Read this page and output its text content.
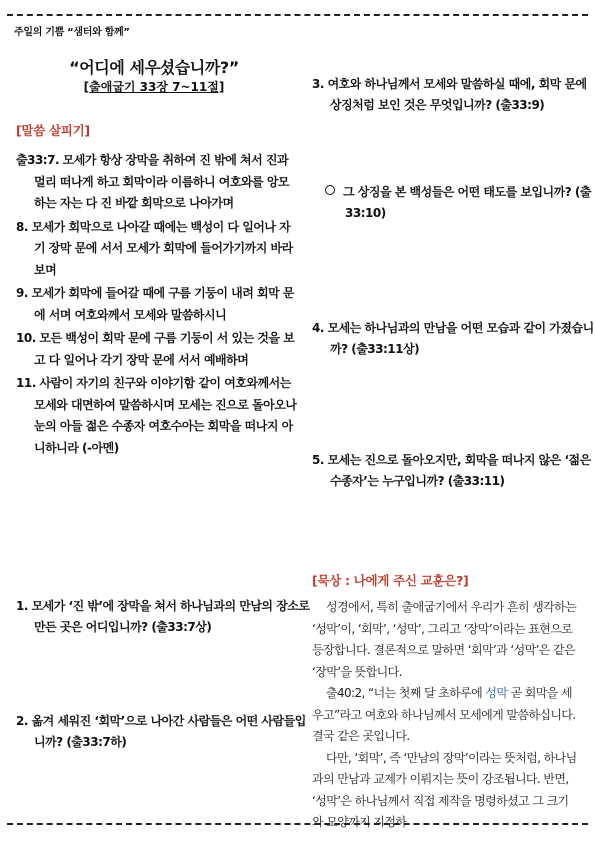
주일의 기쁨 “샘터와 함께”
“어디에 세우셨습니까?”
[출애굽기 33장 7~11절]
[말씀 살피기]
출33:7. 모세가 항상 장막을 취하여 진 밖에 쳐서 진과 멀리 떠나게 하고 회막이라 이름하니 여호와를 앙모하는 자는 다 진 바깥 회막으로 나아가며
8. 모세가 회막으로 나아갈 때에는 백성이 다 일어나 자기 장막 문에 서서 모세가 회막에 들어가기까지 바라보며
9. 모세가 회막에 들어갈 때에 구름 기둥이 내려 회막 문에 서며 여호와께서 모세와 말씀하시니
10. 모든 백성이 회막 문에 구름 기둥이 서 있는 것을 보고 다 일어나 각기 장막 문에 서서 예배하며
11. 사람이 자기의 친구와 이야기함 같이 여호와께서는 모세와 대면하여 말씀하시며 모세는 진으로 돌아오나 눈의 아들 젊은 수종자 여호수아는 회막을 떠나지 아니하니라 (-아멘)
1. 모세가 ‘진 밖’에 장막을 쳐서 하나님과의 만남의 장소로 만든 곳은 어디입니까? (출33:7상)
2. 옮겨 세워진 ‘회막’으로 나아간 사람들은 어떤 사람들입니까? (출33:7하)
3. 여호와 하나님께서 모세와 말씀하실 때에, 회막 문에 상징처럼 보인 것은 무엇입니까? (출33:9)
그 상징을 본 백성들은 어떤 태도를 보입니까? (출33:10)
4. 모세는 하나님과의 만남을 어떤 모습과 같이 가졌습니까? (출33:11상)
5. 모세는 진으로 돌아오지만, 회막을 떠나지 않은 ‘젊은 수종자’는 누구입니까? (출33:11)
[묵상 : 나에게 주신 교훈은?]

성경에서, 특히 출애굽기에서 우리가 흔히 생각하는 ‘성막’이, ‘회막’, ‘성막’, 그리고 ‘장막’이라는 표현으로 등장합니다. 결론적으로 말하면 ‘회막’과 ‘성막’은 같은 ‘장막’을 뜻합니다.

출40:2, “너는 첫째 달 초하루에 성막 곧 회막을 세우고”라고 여호와 하나님께서 모세에게 말씀하십니다. 결국 같은 곳입니다.

다만, ‘회막’, 즉 ‘만남의 장막’이라는 뜻처럼, 하나님과의 만남과 교제가 이뤄지는 뜻이 강조됩니다. 반면, ‘성막’은 하나님께서 직접 제작을 명령하셨고 그 크기와 모양까지 지정하
